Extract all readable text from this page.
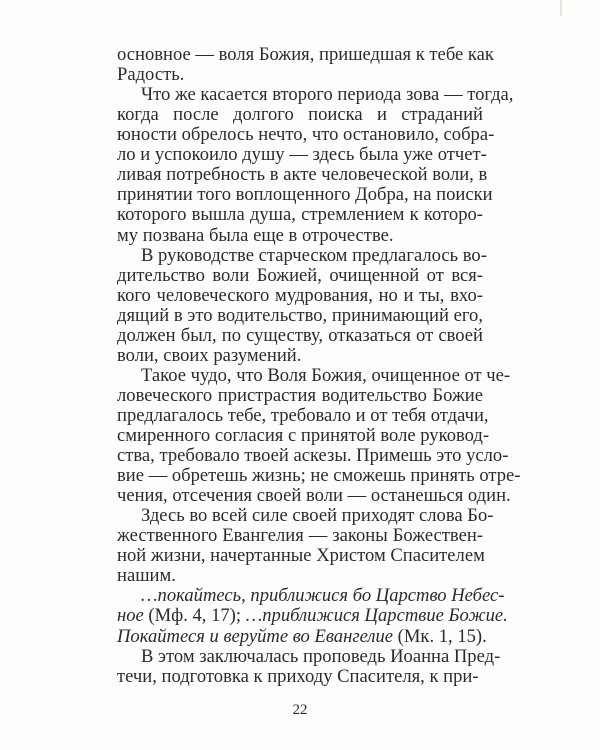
основное — воля Божия, пришедшая к тебе как
Радость.
Что же касается второго периода зова — тогда,
когда после долгого поиска и страданий
юности обрелось нечто, что остановило, собра-
ло и успокоило душу — здесь была уже отчет-
ливая потребность в акте человеческой воли, в
принятии того воплощенного Добра, на поиски
которого вышла душа, стремлением к которо-
му позвана была еще в отрочестве.
В руководстве старческом предлагалось во-
дительство воли Божией, очищенной от вся-
кого человеческого мудрования, но и ты, вхо-
дящий в это водительство, принимающий его,
должен был, по существу, отказаться от своей
воли, своих разумений.
Такое чудо, что Воля Божия, очищенное от че-
ловеческого пристрастия водительство Божие
предлагалось тебе, требовало и от тебя отдачи,
смиренного согласия с принятой воле руковод-
ства, требовало твоей аскезы. Примешь это усло-
вие — обретешь жизнь; не сможешь принять отре-
чения, отсечения своей воли — останешься один.
Здесь во всей силе своей приходят слова Бо-
жественного Евангелия — законы Божествен-
ной жизни, начертанные Христом Спасителем
нашим.
…покайтесь, приближися бо Царство Небес-
ное (Мф. 4, 17); …приближися Царствие Божие.
Покайтеся и веруйте во Евангелие (Мк. 1, 15).
В этом заключалась проповедь Иоанна Пред-
течи, подготовка к приходу Спасителя, к при-
22
